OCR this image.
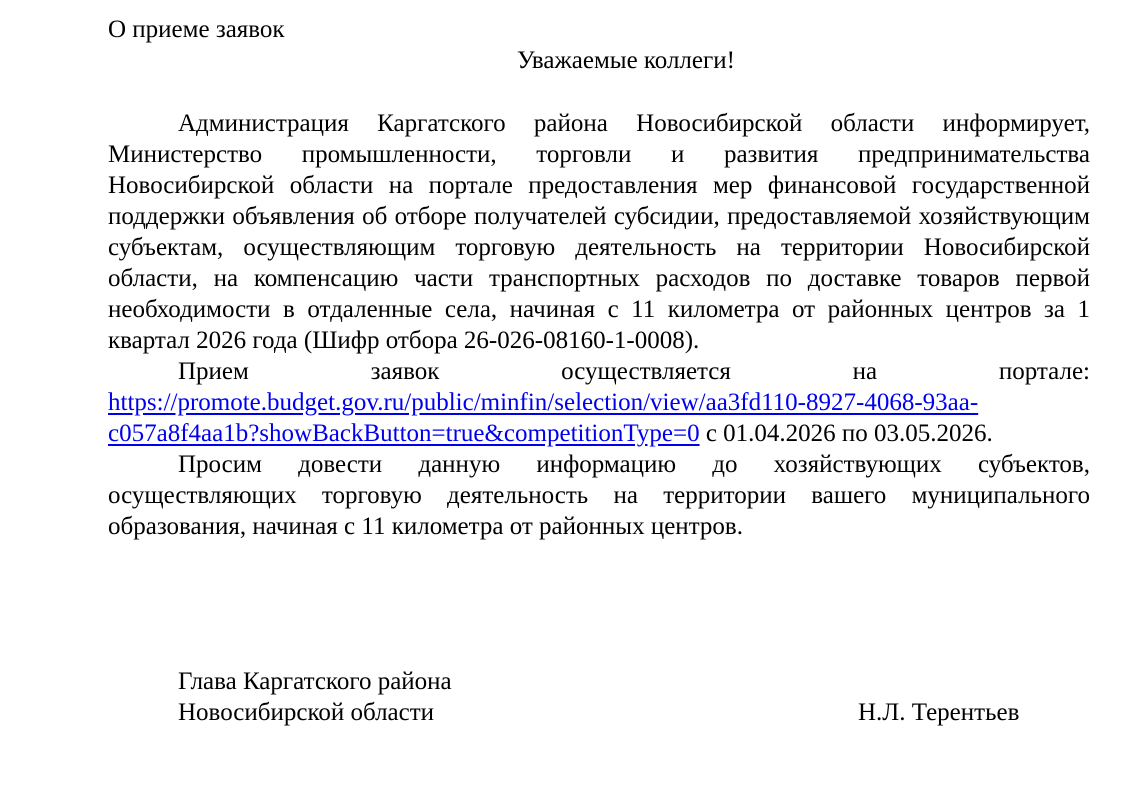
О приеме заявок
Уважаемые коллеги!

Администрация Каргатского района Новосибирской области информирует, Министерство промышленности, торговли и развития предпринимательства Новосибирской области на портале предоставления мер финансовой государственной поддержки объявления об отборе получателей субсидии, предоставляемой хозяйствующим субъектам, осуществляющим торговую деятельность на территории Новосибирской области, на компенсацию части транспортных расходов по доставке товаров первой необходимости в отдаленные села, начиная с 11 километра от районных центров за 1 квартал 2026 года (Шифр отбора 26-026-08160-1-0008).

Прием заявок осуществляется на портале:

https://promote.budget.gov.ru/public/minfin/selection/view/aa3fd110-8927-4068-93aa-
c057a8f4aa1b?showBackButton=true&competitionType=0 с 01.04.2026 по 03.05.2026.

Просим довести данную информацию до хозяйствующих субъектов, осуществляющих торговую деятельность на территории вашего муниципального образования, начиная с 11 километра от районных центров.

Глава Каргатского района
Новосибирской области	Н.Л. Терентьев
